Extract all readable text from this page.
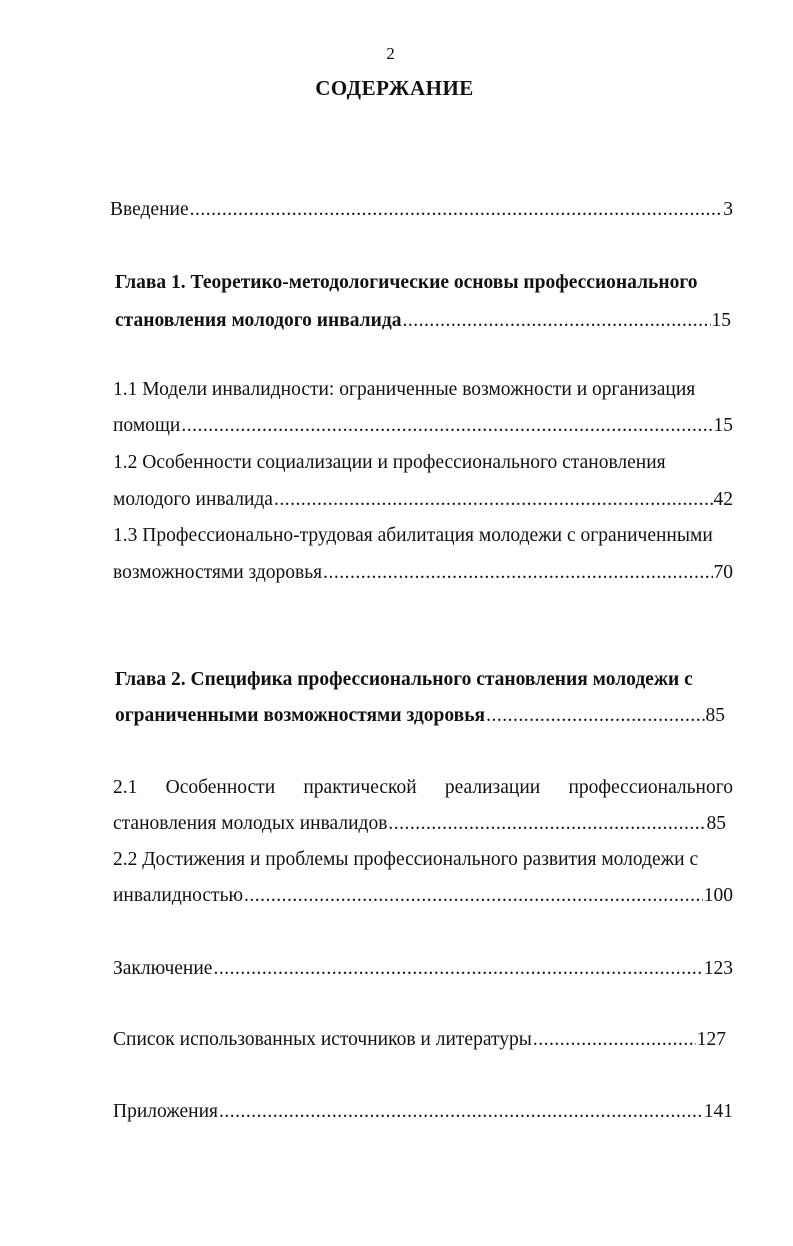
2
СОДЕРЖАНИЕ
Введение .....	3
Глава 1. Теоретико-методологические основы профессионального
становления молодого инвалида .....	15
1.1 Модели инвалидности: ограниченные возможности и организация
помощи .....	15
1.2 Особенности социализации и профессионального становления
молодого инвалида .....	42
1.3 Профессионально-трудовая абилитация молодежи с ограниченными
возможностями здоровья .....	70
Глава 2. Специфика профессионального становления молодежи с
ограниченными возможностями здоровья .....	85
2.1 Особенности практической реализации профессионального
становления молодых инвалидов .....	85
2.2 Достижения и проблемы профессионального развития молодежи с
инвалидностью .....	100
Заключение .....	123
Список использованных источников и литературы .....	127
Приложения .....	141
